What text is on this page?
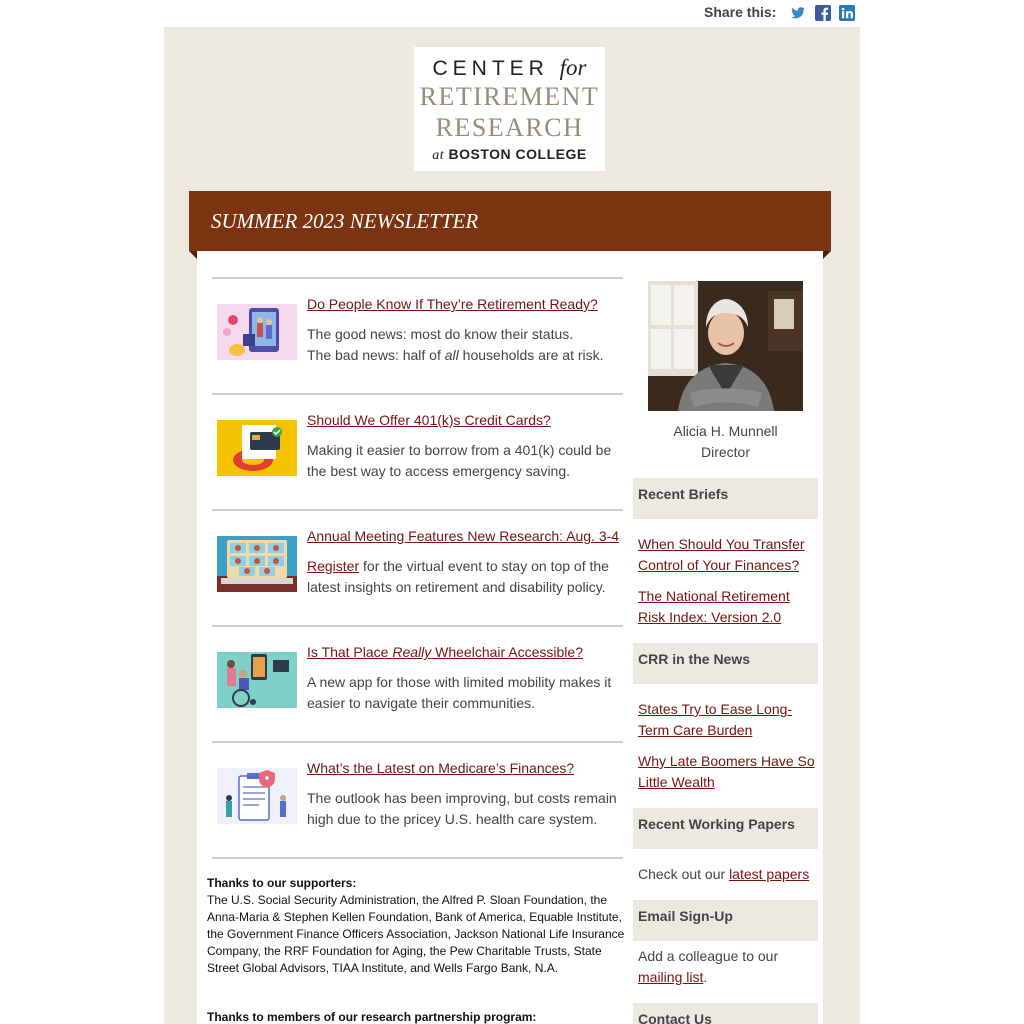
Share this:
CENTER for
RETIREMENT
RESEARCH
at BOSTON COLLEGE
SUMMER 2023 NEWSLETTER
Do People Know If They’re Retirement Ready?
The good news: most do know their status.
The bad news: half of all households are at risk.
Should We Offer 401(k)s Credit Cards?
Making it easier to borrow from a 401(k) could be the best way to access emergency saving.
Annual Meeting Features New Research: Aug. 3-4
Register for the virtual event to stay on top of the latest insights on retirement and disability policy.
Is That Place Really Wheelchair Accessible?
A new app for those with limited mobility makes it easier to navigate their communities.
What’s the Latest on Medicare’s Finances?
The outlook has been improving, but costs remain high due to the pricey U.S. health care system.
Thanks to our supporters:
The U.S. Social Security Administration, the Alfred P. Sloan Foundation, the Anna-Maria & Stephen Kellen Foundation, Bank of America, Equable Institute, the Government Finance Officers Association, Jackson National Life Insurance Company, the RRF Foundation for Aging, the Pew Charitable Trusts, State Street Global Advisors, TIAA Institute, and Wells Fargo Bank, N.A.
Thanks to members of our research partnership program:
Alicia H. Munnell
Director
Recent Briefs
When Should You Transfer Control of Your Finances?
The National Retirement Risk Index: Version 2.0
CRR in the News
States Try to Ease Long-Term Care Burden
Why Late Boomers Have So Little Wealth
Recent Working Papers
Check out our latest papers
Email Sign-Up
Add a colleague to our mailing list.
Contact Us
